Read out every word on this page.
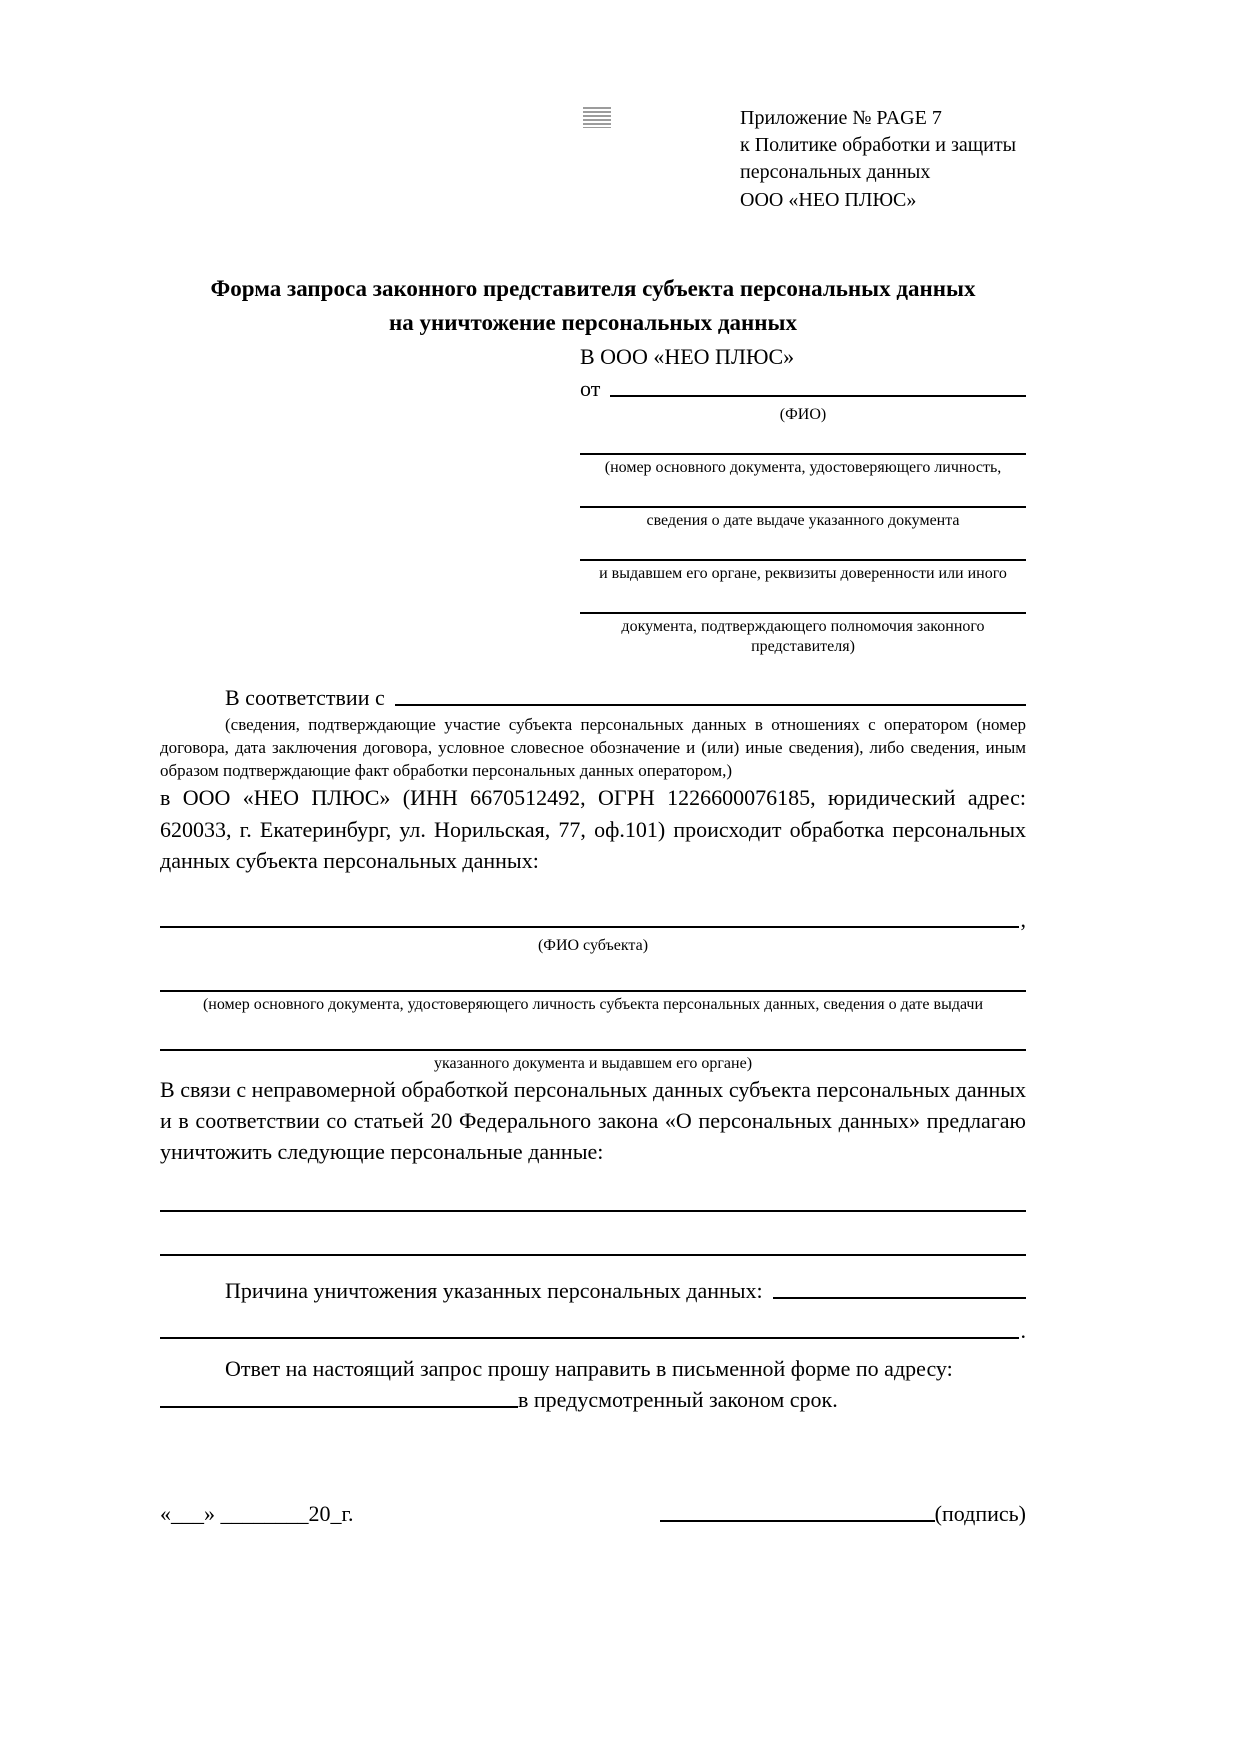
Приложение № PAGE 7
к Политике обработки и защиты
персональных данных
ООО «НЕО ПЛЮС»
Форма запроса законного представителя субъекта персональных данных
на уничтожение персональных данных
В ООО «НЕО ПЛЮС»
от
(ФИО)
(номер основного документа, удостоверяющего личность,
сведения о дате выдаче указанного документа
и выдавшем его органе, реквизиты доверенности или иного
документа, подтверждающего полномочия законного представителя)
В соответствии с
(сведения, подтверждающие участие субъекта персональных данных в отношениях с оператором (номер договора, дата заключения договора, условное словесное обозначение и (или) иные сведения), либо сведения, иным образом подтверждающие факт обработки персональных данных оператором,)
в ООО «НЕО ПЛЮС» (ИНН 6670512492, ОГРН 1226600076185, юридический адрес: 620033, г. Екатеринбург, ул. Норильская, 77, оф.101) происходит обработка персональных данных субъекта персональных данных:
,
(ФИО субъекта)
(номер основного документа, удостоверяющего личность субъекта персональных данных, сведения о дате выдачи
указанного документа и выдавшем его органе)
В связи с неправомерной обработкой персональных данных субъекта персональных данных и в соответствии со статьей 20 Федерального закона «О персональных данных» предлагаю уничтожить следующие персональные данные:
Причина уничтожения указанных персональных данных:
.
Ответ на настоящий запрос прошу направить в письменной форме по адресу:
в предусмотренный законом срок.
«___» ________20_г.	(подпись)
